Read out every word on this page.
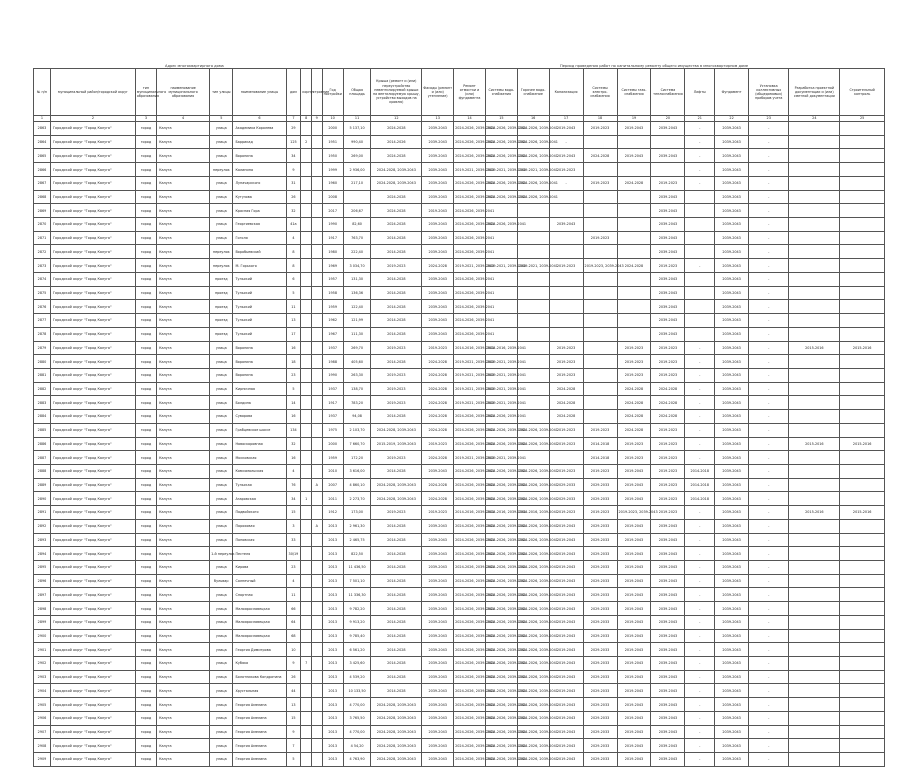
Адрес многоквартирного дома	Период проведения работ по капитальному ремонту общего имущества в многоквартирном доме
№ п/п	муниципальный район/городской округ	тип муниципального образования	наименование муниципального образования	тип улицы	наименование улицы	дом	корпус	строение	Год постройки	Общая площадь	Крыша (ремонт и (или) переустройство невентилируемой крыши на вентилируемую крышу, устройство выходов на кровлю)	Фасады (ремонт и (или) утепление)	Ремонт отмостки и (или) фундамента	Системы водо-снабжения	Горячее водо-снабжение	Канализация	Системы электро-снабжения	Системы газо-снабжения	Система теплоснабжения	Лифты	Фундамент	Установка коллективных (общедомовых) приборов учета	Разработка проектной документации и (или) сметной документации	Строительный контроль
1	2	3	4	5	6	7	8	9	10	11	12	13	14	15	16	17	18	19	20	21	22	23	24	25
2863	Городской округ "Город Калуга"	город	Калуга	улица	Академика Королева	29			2000	5 137,10	2024-2028	2039-2043	2024-2026, 2039-2041	2024-2026, 2039-2041	2024-2026, 2039-2041	2019-2043	2019-2023	2019-2043	2039-2043	-	2039-2043	-		
2864	Городской округ "Город Калуга"	город	Калуга	улица	Баррикад	125	2		1951	990,40	2014-2026	2039-2043	2024-2026, 2039-2041	2024-2026, 2039-2041	2024-2026, 2039-2041	-				-	2039-2043	-		
2865	Городской округ "Город Калуга"	город	Калуга	улица	Воронина	34			1950	269,00	2024-2028	2039-2043	2024-2026, 2039-2041	2024-2026, 2039-2041	2024-2026, 2039-2041	2019-2043	2024-2028	2019-2043	2039-2043	-	2039-2043	-		
2866	Городской округ "Город Калуга"	город	Калуга	переулок	Калинина	9			1999	2 936,00	2024-2028, 2039-2043	2039-2043	2019-2021, 2039-2041	2019-2021, 2039-2041	2019-2021, 2039-2041	2019-2023				-	2039-2043	-		
2867	Городской округ "Город Калуга"	город	Калуга	улица	Луначарского	31			1960	217,10	2024-2028, 2039-2043	2039-2043	2024-2026, 2039-2041	2024-2026, 2039-2041	2024-2026, 2039-2041	-	2019-2023	2024-2028	2019-2023	-	2039-2043	-		
2868	Городской округ "Город Калуга"	город	Калуга	улица	Кутузова	26			2008		2024-2028	2039-2043	2024-2026, 2039-2041	2024-2026, 2039-2041	2024-2026, 2039-2041				2039-2043		2039-2043	-		
2869	Городской округ "Город Калуга"	город	Калуга	улица	Красная Гора	32			2017	206,67	2024-2028	2019-2043	2024-2026, 2039-2041						2039-2043		2039-2043	-		
2870	Городской округ "Город Калуга"	город	Калуга	улица	Георгиевская	41а			1990	82,60	2024-2028	2039-2043	2024-2026, 2039-2041	2024-2026, 2039-2041		2039-2043			2039-2043		2039-2043	-		
2871	Городской округ "Город Калуга"	город	Калуга	улица	Гоголя	4			1917	763,70	2014-2028	2039-2043	2024-2026, 2039-2041				2019-2023		2039-2043		2039-2043	-		
2872	Городской округ "Город Калуга"	город	Калуга	переулок	Воробьевский	8			1980	222,40	2014-2028	2039-2043	2024-2026, 2039-2041						2039-2043		2039-2043	-		
2873	Городской округ "Город Калуга"	город	Калуга	переулок	М. Горького	8			1969	3 034,70	2019-2023	2024-2028	2019-2021, 2039-2041	2019-2021, 2039-2041	2019-2021, 2039-2041	2019-2023	2019-2023, 2039-2043	2024-2028	2019-2023	-	2039-2043	-		
2874	Городской округ "Город Калуга"	город	Калуга	проезд	Тульский	6			1957	131,30	2014-2028	2039-2043	2024-2026, 2039-2041						2039-2043		2039-2043	-		
2875	Городской округ "Город Калуга"	город	Калуга	проезд	Тульский	5			1958	136,36	2014-2028	2039-2043	2024-2026, 2039-2041						2039-2043		2039-2043	-		
2876	Городской округ "Город Калуга"	город	Калуга	проезд	Тульский	11			1959	122,40	2014-2028	2039-2043	2024-2026, 2039-2041						2039-2043		2039-2043	-		
2877	Городской округ "Город Калуга"	город	Калуга	проезд	Тульский	13			1962	121,99	2014-2028	2039-2043	2024-2026, 2039-2041						2039-2043		2039-2043	-		
2878	Городской округ "Город Калуга"	город	Калуга	проезд	Тульский	17			1967	111,30	2014-2028	2039-2043	2024-2026, 2039-2041						2039-2043		2039-2043	-		
2879	Городской округ "Город Калуга"	город	Калуга	улица	Воронина	16			1937	269,70	2019-2023	2019-2023	2014-2016, 2039-2041	2014-2016, 2039-2041		2019-2023		2019-2023	2019-2023	-	2039-2043	-	2015-2016	2015-2016
2880	Городской округ "Город Калуга"	город	Калуга	улица	Воронина	18			1988	405,60	2014-2028	2024-2028	2019-2021, 2039-2041	2019-2021, 2039-2041		2019-2023		2019-2023	2019-2023	-	2039-2043	-		
2881	Городской округ "Город Калуга"	город	Калуга	улица	Воронина	23			1990	263,30	2019-2023	2024-2028	2019-2021, 2039-2041	2019-2021, 2039-2041		2019-2023		2019-2023	2019-2023	-	2039-2043	-		
2882	Городской округ "Город Калуга"	город	Калуга	улица	Кирпичная	5			1937	138,70	2019-2023	2024-2028	2019-2021, 2039-2041	2019-2021, 2039-2041		2024-2028		2024-2028	2024-2028	-	2039-2043	-		
2883	Городской округ "Город Калуга"	город	Калуга	улица	Болдина	14			1917	783,20	2019-2023	2024-2028	2019-2021, 2039-2041	2019-2021, 2039-2041		2024-2028		2024-2028	2024-2028	-	2039-2043	-		
2884	Городской округ "Город Калуга"	город	Калуга	улица	Суворова	16			1937	94,08	2014-2028	2024-2028	2024-2026, 2039-2041	2024-2026, 2039-2041		2024-2028		2024-2028	2024-2028	-	2039-2043	-		
2885	Городской округ "Город Калуга"	город	Калуга	улица	Грабцевское шоссе	134			1975	2 103,70	2024-2028, 2039-2043	2024-2028	2024-2026, 2039-2041	2024-2026, 2039-2041	2024-2026, 2039-2041	2019-2023	2019-2023	2024-2028	2019-2023	-	2039-2043	-		
2886	Городской округ "Город Калуга"	город	Калуга	улица	Новоскоровная	32			2000	7 660,70	2015-2019, 2039-2043	2019-2023	2024-2026, 2039-2041	2024-2026, 2039-2041	2024-2026, 2039-2041	2019-2023	2014-2018	2019-2023	2019-2023	-	2039-2043	-	2015-2016	2015-2016
2887	Городской округ "Город Калуга"	город	Калуга	улица	Московская	16			1959	172,20	2019-2023	2024-2028	2019-2021, 2039-2041	2019-2021, 2039-2041			2014-2018	2019-2023	2019-2023	-	2039-2043	-		
2888	Городской округ "Город Калуга"	город	Калуга	улица	Комсомольская	4			2010	3 616,00	2014-2028	2039-2043	2024-2026, 2039-2041	2024-2026, 2039-2041	2024-2026, 2039-2041	2019-2023	2019-2023	2019-2043	2019-2023	2014-2018	2039-2043	-		
2889	Городской округ "Город Калуга"	город	Калуга	улица	Тульская	76		А	2007	4 860,10	2024-2028, 2039-2043	2024-2028	2024-2026, 2039-2041	2024-2026, 2039-2041	2024-2026, 2039-2041	2029-2033	2029-2033	2019-2043	2019-2023	2014-2018	2039-2043	-		
2890	Городской округ "Город Калуга"	город	Калуга	улица	Азаровская	34	1		2011	2 273,70	2024-2028, 2039-2043	2024-2028	2024-2026, 2039-2041	2024-2026, 2039-2041	2024-2026, 2039-2041	2029-2033	2029-2033	2019-2043	2019-2023	2014-2018	2039-2043	-		
2891	Городской округ "Город Калуга"	город	Калуга	улица	Подвойского	15			1912	173,00	2019-2023	2019-2023	2014-2016, 2039-2041	2014-2016, 2039-2041	2014-2016, 2039-2041	2019-2023	2019-2023	2019-2023, 2039-2043	2019-2023	-	2039-2043	-	2015-2016	2015-2016
2892	Городской округ "Город Калуга"	город	Калуга	улица	Пороховая	3		А	2013	2 961,30	2014-2028	2039-2043	2024-2026, 2039-2041	2024-2026, 2039-2041	2024-2026, 2039-2041	2019-2043	2029-2033	2019-2043	2039-2043	-	2039-2043	-		
2893	Городской округ "Город Калуга"	город	Калуга	улица	Поповская	33			2013	2 465,75	2014-2028	2039-2043	2024-2026, 2039-2041	2024-2026, 2039-2041	2024-2026, 2039-2041	2019-2043	2029-2033	2019-2043	2039-2043	-	2039-2043	-		
2894	Городской округ "Город Калуга"	город	Калуга	1-й переулок	Пестеля	30/19			2013	822,50	2014-2028	2039-2043	2024-2026, 2039-2041	2024-2026, 2039-2041	2024-2026, 2039-2041	2019-2043	2029-2033	2019-2043	2039-2043	-	2039-2043	-		
2895	Городской округ "Город Калуга"	город	Калуга	улица	Кирова	23			2013	11 436,50	2014-2028	2039-2043	2024-2026, 2039-2041	2024-2026, 2039-2041	2024-2026, 2039-2041	2019-2043	2029-2033	2019-2043	2039-2043	-	2039-2043	-		
2896	Городской округ "Город Калуга"	город	Калуга	бульвар	Солнечный	4			2013	7 501,10	2014-2028	2039-2043	2024-2026, 2039-2041	2024-2026, 2039-2041	2024-2026, 2039-2041	2019-2043	2029-2033	2019-2043	2039-2043	-	2039-2043	-		
2897	Городской округ "Город Калуга"	город	Калуга	улица	Спортная	11			2013	11 336,30	2014-2028	2039-2043	2024-2026, 2039-2041	2024-2026, 2039-2041	2024-2026, 2039-2041	2019-2043	2029-2033	2019-2043	2039-2043	-	2039-2043	-		
2898	Городской округ "Город Калуга"	город	Калуга	улица	Малоярославецкая	66			2013	9 782,20	2014-2028	2039-2043	2024-2026, 2039-2041	2024-2026, 2039-2041	2024-2026, 2039-2041	2019-2043	2029-2033	2019-2043	2039-2043	-	2039-2043	-		
2899	Городской округ "Город Калуга"	город	Калуга	улица	Малоярославецкая	64			2013	9 913,20	2014-2028	2039-2043	2024-2026, 2039-2041	2024-2026, 2039-2041	2024-2026, 2039-2041	2019-2043	2029-2033	2019-2043	2039-2043	-	2039-2043	-		
2900	Городской округ "Город Калуга"	город	Калуга	улица	Малоярославецкая	68			2013	9 785,40	2014-2028	2039-2043	2024-2026, 2039-2041	2024-2026, 2039-2041	2024-2026, 2039-2041	2019-2043	2029-2033	2019-2043	2039-2043	-	2039-2043	-		
2901	Городской округ "Город Калуга"	город	Калуга	улица	Георгия Димитрова	10			2013	6 561,20	2014-2028	2039-2043	2024-2026, 2039-2041	2024-2026, 2039-2041	2024-2026, 2039-2041	2019-2043	2029-2033	2019-2043	2039-2043	-	2039-2043	-		
2902	Городской округ "Город Калуга"	город	Калуга	улица	Кубяка	9	7		2013	3 425,60	2014-2028	2039-2043	2024-2026, 2039-2041	2024-2026, 2039-2041	2024-2026, 2039-2041	2019-2043	2029-2033	2019-2043	2039-2043	-	2039-2043	-		
2903	Городской округ "Город Калуга"	город	Калуга	улица	Болотникова Кондратина	26			2013	4 539,20	2014-2028	2039-2043	2024-2026, 2039-2041	2024-2026, 2039-2041	2024-2026, 2039-2041	2019-2043	2029-2033	2019-2043	2039-2043	-	2039-2043	-		
2904	Городской округ "Город Калуга"	город	Калуга	улица	Хрустальная	44			2013	10 133,50	2014-2028	2039-2043	2024-2026, 2039-2041	2024-2026, 2039-2041	2024-2026, 2039-2041	2019-2043	2029-2033	2019-2043	2039-2043	-	2039-2043	-		
2905	Городской округ "Город Калуга"	город	Калуга	улица	Георгия Амелина	13			2013	4 770,00	2024-2028, 2039-2043	2039-2043	2024-2026, 2039-2041	2024-2026, 2039-2041	2024-2026, 2039-2041	2019-2043	2029-2033	2019-2043	2039-2043	-	2039-2043	-		
2906	Городской округ "Город Калуга"	город	Калуга	улица	Георгия Амелина	15			2013	3 765,50	2024-2028, 2039-2043	2039-2043	2024-2026, 2039-2041	2024-2026, 2039-2041	2024-2026, 2039-2041	2019-2043	2029-2033	2019-2043	2039-2043	-	2039-2043	-		
2907	Городской округ "Город Калуга"	город	Калуга	улица	Георгия Амелина	9			2013	4 770,00	2024-2028, 2039-2043	2039-2043	2024-2026, 2039-2041	2024-2026, 2039-2041	2024-2026, 2039-2041	2019-2043	2029-2033	2019-2043	2039-2043	-	2039-2043	-		
2908	Городской округ "Город Калуга"	город	Калуга	улица	Георгия Амелина	7			2013	4 54,20	2024-2028, 2039-2043	2039-2043	2024-2026, 2039-2041	2024-2026, 2039-2041	2024-2026, 2039-2041	2019-2043	2029-2033	2019-2043	2039-2043	-	2039-2043	-		
2909	Городской округ "Город Калуга"	город	Калуга	улица	Георгия Амелина	5			2013	4 763,90	2024-2028, 2039-2043	2039-2043	2024-2026, 2039-2041	2024-2026, 2039-2041	2024-2026, 2039-2041	2019-2043	2029-2033	2019-2043	2039-2043	-	2039-2043	-		
